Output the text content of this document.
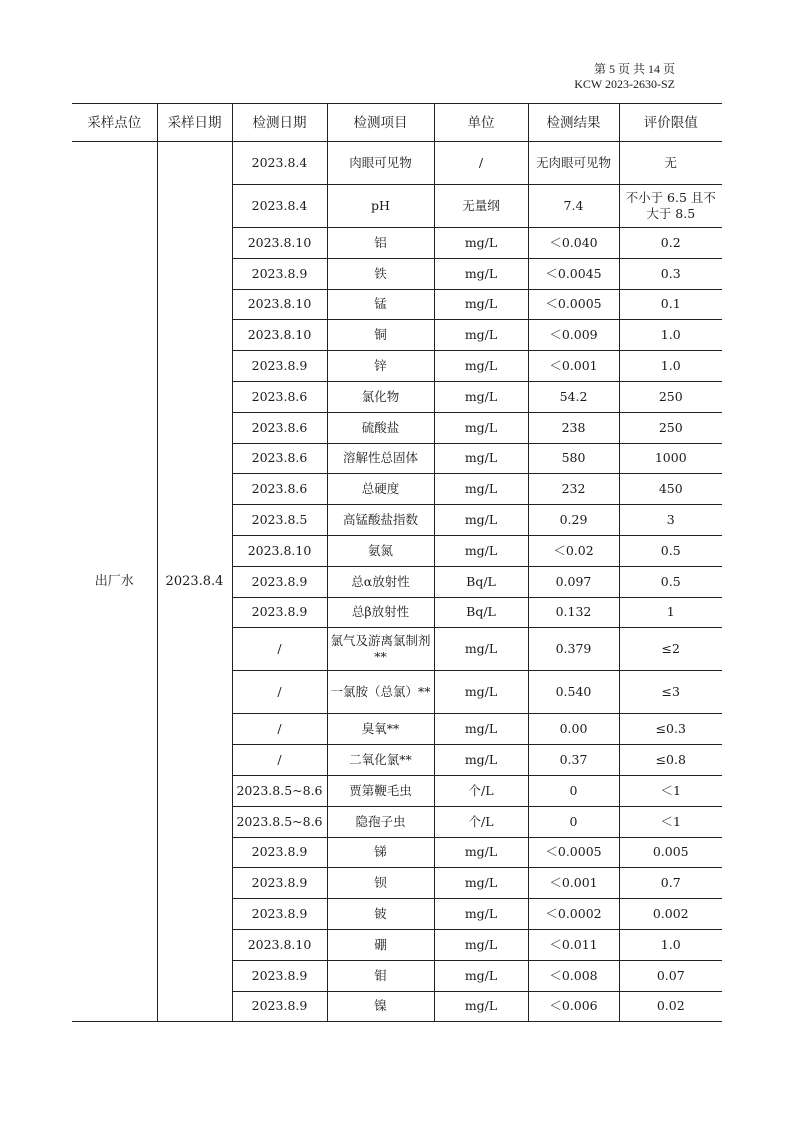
第 5 页 共 14 页
KCW 2023-2630-SZ
采样点位	采样日期	检测日期	检测项目	单位	检测结果	评价限值
出厂水	2023.8.4	2023.8.4	肉眼可见物	/	无肉眼可见物	无
		2023.8.4	pH	无量纲	7.4	不小于 6.5 且不大于 8.5
		2023.8.10	铝	mg/L	＜0.040	0.2
		2023.8.9	铁	mg/L	＜0.0045	0.3
		2023.8.10	锰	mg/L	＜0.0005	0.1
		2023.8.10	铜	mg/L	＜0.009	1.0
		2023.8.9	锌	mg/L	＜0.001	1.0
		2023.8.6	氯化物	mg/L	54.2	250
		2023.8.6	硫酸盐	mg/L	238	250
		2023.8.6	溶解性总固体	mg/L	580	1000
		2023.8.6	总硬度	mg/L	232	450
		2023.8.5	高锰酸盐指数	mg/L	0.29	3
		2023.8.10	氨氮	mg/L	＜0.02	0.5
		2023.8.9	总α放射性	Bq/L	0.097	0.5
		2023.8.9	总β放射性	Bq/L	0.132	1
		/	氯气及游离氯制剂**	mg/L	0.379	≤2
		/	一氯胺（总氯）**	mg/L	0.540	≤3
		/	臭氧**	mg/L	0.00	≤0.3
		/	二氧化氯**	mg/L	0.37	≤0.8
		2023.8.5~8.6	贾第鞭毛虫	个/L	0	＜1
		2023.8.5~8.6	隐孢子虫	个/L	0	＜1
		2023.8.9	锑	mg/L	＜0.0005	0.005
		2023.8.9	钡	mg/L	＜0.001	0.7
		2023.8.9	铍	mg/L	＜0.0002	0.002
		2023.8.10	硼	mg/L	＜0.011	1.0
		2023.8.9	钼	mg/L	＜0.008	0.07
		2023.8.9	镍	mg/L	＜0.006	0.02
